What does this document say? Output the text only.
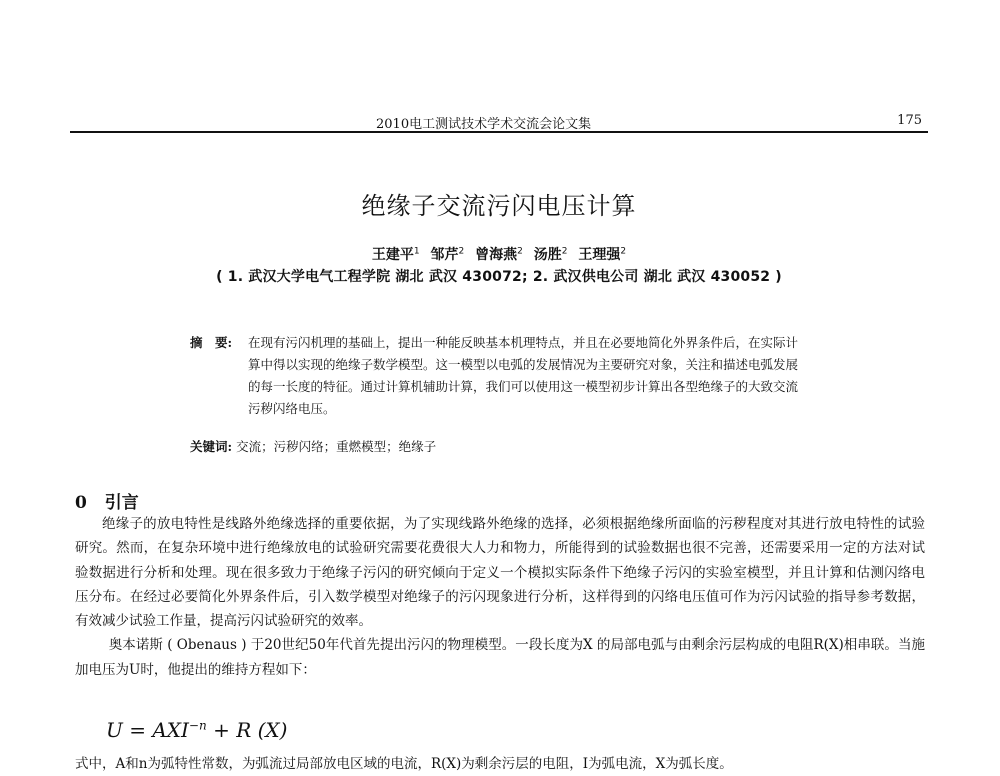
2010电工测试技术学术交流会论文集	175
绝缘子交流污闪电压计算
王建平$^1$ 邹芹$^2$ 曾海燕$^2$ 汤胜$^2$ 王理强$^2$
( 1. 武汉大学电气工程学院 湖北 武汉 430072; 2. 武汉供电公司 湖北 武汉 430052 )
摘　要: 在现有污闪机理的基础上，提出一种能反映基本机理特点，并且在必要地简化外界条件后，在实际计算中得以实现的绝缘子数学模型。这一模型以电弧的发展情况为主要研究对象，关注和描述电弧发展的每一长度的特征。通过计算机辅助计算，我们可以使用这一模型初步计算出各型绝缘子的大致交流污秽闪络电压。
关键词: 交流；污秽闪络；重燃模型；绝缘子
0 引言

绝缘子的放电特性是线路外绝缘选择的重要依据，为了实现线路外绝缘的选择，必须根据绝缘所面临的污秽程度对其进行放电特性的试验研究。然而，在复杂环境中进行绝缘放电的试验研究需要花费很大人力和物力，所能得到的试验数据也很不完善，还需要采用一定的方法对试验数据进行分析和处理。现在很多致力于绝缘子污闪的研究倾向于定义一个模拟实际条件下绝缘子污闪的实验室模型，并且计算和估测闪络电压分布。在经过必要简化外界条件后，引入数学模型对绝缘子的污闪现象进行分析，这样得到的闪络电压值可作为污闪试验的指导参考数据，有效减少试验工作量，提高污闪试验研究的效率。

奥本诺斯 ( Obenaus ) 于20世纪50年代首先提出污闪的物理模型。一段长度为X 的局部电弧与由剩余污层构成的电阻R(X)相串联。当施加电压为U时，他提出的维持方程如下：

$U = AXI^{-n} + R$ (X)
式中，A和n为弧特性常数，为弧流过局部放电区域的电流，R(X)为剩余污层的电阻，I为弧电流，X为弧长度。
